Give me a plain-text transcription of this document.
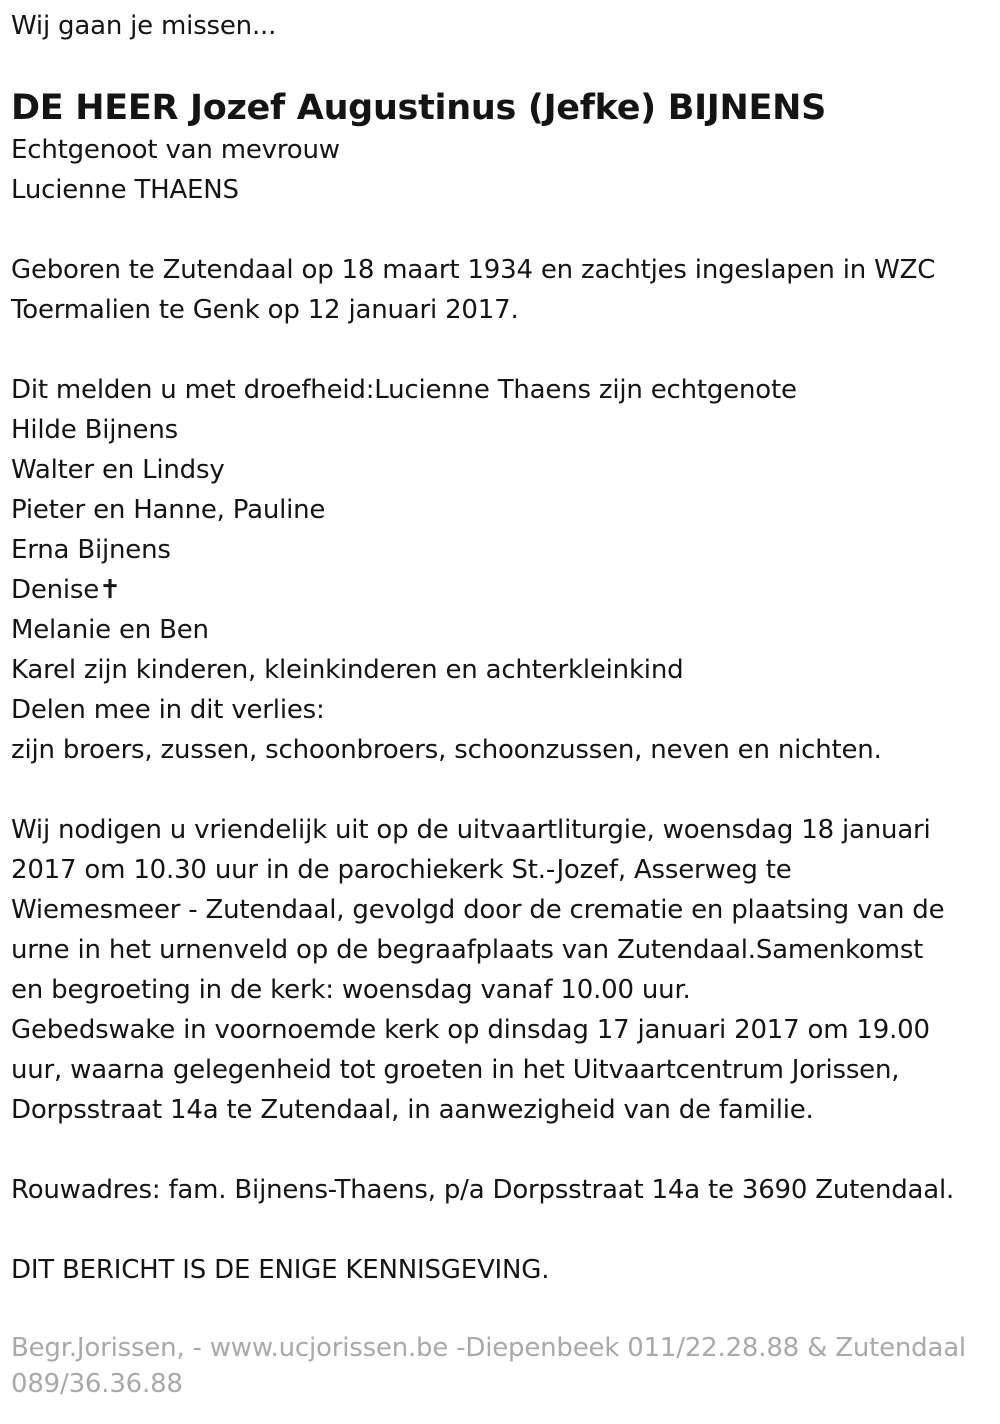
Wij gaan je missen...
DE HEER Jozef Augustinus (Jefke) BIJNENS
Echtgenoot van mevrouw
Lucienne THAENS
Geboren te Zutendaal op 18 maart 1934 en zachtjes ingeslapen in WZC
Toermalien te Genk op 12 januari 2017.
Dit melden u met droefheid:Lucienne Thaens zijn echtgenote
Hilde Bijnens
Walter en Lindsy
Pieter en Hanne, Pauline
Erna Bijnens
Denise✝
Melanie en Ben
Karel zijn kinderen, kleinkinderen en achterkleinkind
Delen mee in dit verlies:
zijn broers, zussen, schoonbroers, schoonzussen, neven en nichten.
Wij nodigen u vriendelijk uit op de uitvaartliturgie, woensdag 18 januari
2017 om 10.30 uur in de parochiekerk St.-Jozef, Asserweg te
Wiemesmeer - Zutendaal, gevolgd door de crematie en plaatsing van de
urne in het urnenveld op de begraafplaats van Zutendaal.Samenkomst
en begroeting in de kerk: woensdag vanaf 10.00 uur.
Gebedswake in voornoemde kerk op dinsdag 17 januari 2017 om 19.00
uur, waarna gelegenheid tot groeten in het Uitvaartcentrum Jorissen,
Dorpsstraat 14a te Zutendaal, in aanwezigheid van de familie.
Rouwadres: fam. Bijnens-Thaens, p/a Dorpsstraat 14a te 3690 Zutendaal.
DIT BERICHT IS DE ENIGE KENNISGEVING.
Begr.Jorissen, - www.ucjorissen.be -Diepenbeek 011/22.28.88 & Zutendaal
089/36.36.88
